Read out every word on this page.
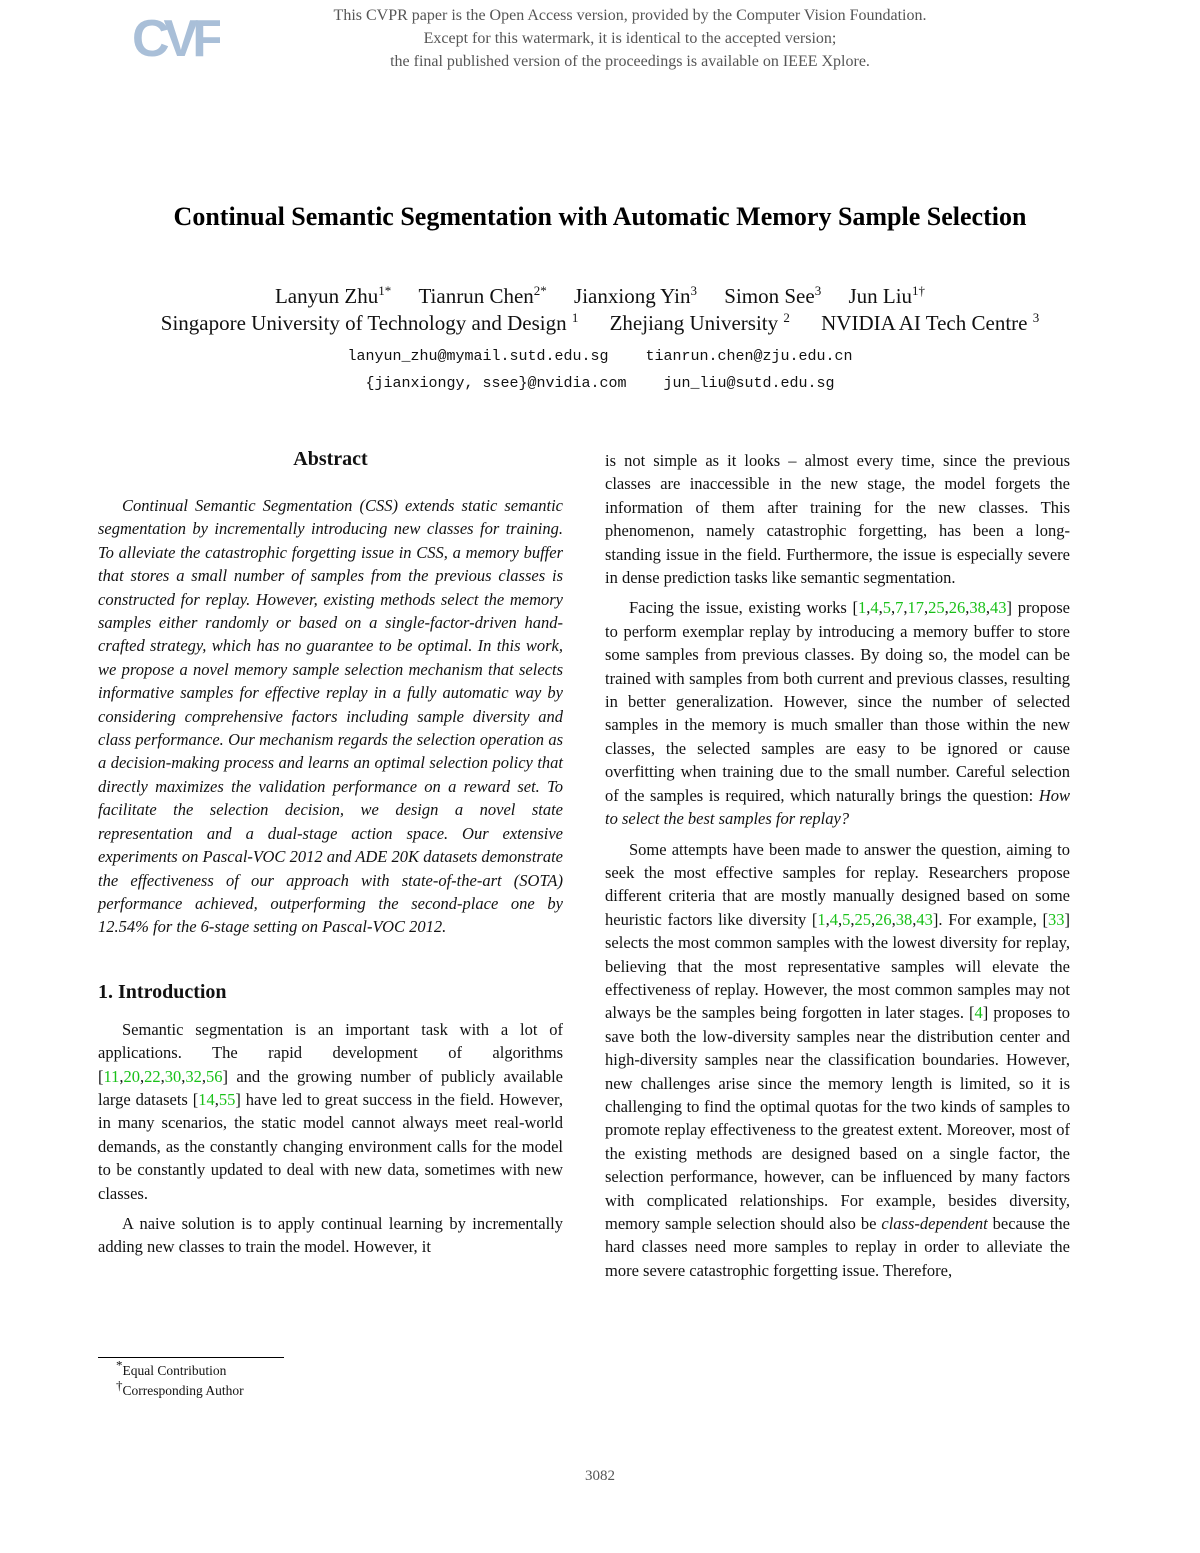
CVF	This CVPR paper is the Open Access version, provided by the Computer Vision Foundation.
Except for this watermark, it is identical to the accepted version;
the final published version of the proceedings is available on IEEE Xplore.
Continual Semantic Segmentation with Automatic Memory Sample Selection
Lanyun Zhu$^{1*}$ Tianrun Chen$^{2*}$ Jianxiong Yin$^3$ Simon See$^3$ Jun Liu$^{1\dagger}$
Singapore University of Technology and Design $^1$ Zhejiang University $^2$ NVIDIA AI Tech Centre $^3$
lanyun_zhu@mymail.sutd.edu.sg tianrun.chen@zju.edu.cn
{jianxiongy, ssee}@nvidia.com jun_liu@sutd.edu.sg
Abstract

Continual Semantic Segmentation (CSS) extends static semantic segmentation by incrementally introducing new classes for training. To alleviate the catastrophic forgetting issue in CSS, a memory buffer that stores a small number of samples from the previous classes is constructed for replay. However, existing methods select the memory samples either randomly or based on a single-factor-driven handcrafted strategy, which has no guarantee to be optimal. In this work, we propose a novel memory sample selection mechanism that selects informative samples for effective replay in a fully automatic way by considering comprehensive factors including sample diversity and class performance. Our mechanism regards the selection operation as a decision-making process and learns an optimal selection policy that directly maximizes the validation performance on a reward set. To facilitate the selection decision, we design a novel state representation and a dual-stage action space. Our extensive experiments on Pascal-VOC 2012 and ADE 20K datasets demonstrate the effectiveness of our approach with state-of-the-art (SOTA) performance achieved, outperforming the second-place one by 12.54% for the 6-stage setting on Pascal-VOC 2012.

1. Introduction

Semantic segmentation is an important task with a lot of applications. The rapid development of algorithms [11,20,22,30,32,56] and the growing number of publicly available large datasets [14,55] have led to great success in the field. However, in many scenarios, the static model cannot always meet real-world demands, as the constantly changing environment calls for the model to be constantly updated to deal with new data, sometimes with new classes.

A naive solution is to apply continual learning by incrementally adding new classes to train the model. However, it

*Equal Contribution
†Corresponding Author

is not simple as it looks – almost every time, since the previous classes are inaccessible in the new stage, the model forgets the information of them after training for the new classes. This phenomenon, namely catastrophic forgetting, has been a long-standing issue in the field. Furthermore, the issue is especially severe in dense prediction tasks like semantic segmentation.

Facing the issue, existing works [1,4,5,7,17,25,26,38,43] propose to perform exemplar replay by introducing a memory buffer to store some samples from previous classes. By doing so, the model can be trained with samples from both current and previous classes, resulting in better generalization. However, since the number of selected samples in the memory is much smaller than those within the new classes, the selected samples are easy to be ignored or cause overfitting when training due to the small number. Careful selection of the samples is required, which naturally brings the question: How to select the best samples for replay?

Some attempts have been made to answer the question, aiming to seek the most effective samples for replay. Researchers propose different criteria that are mostly manually designed based on some heuristic factors like diversity [1,4,5,25,26,38,43]. For example, [33] selects the most common samples with the lowest diversity for replay, believing that the most representative samples will elevate the effectiveness of replay. However, the most common samples may not always be the samples being forgotten in later stages. [4] proposes to save both the low-diversity samples near the distribution center and high-diversity samples near the classification boundaries. However, new challenges arise since the memory length is limited, so it is challenging to find the optimal quotas for the two kinds of samples to promote replay effectiveness to the greatest extent. Moreover, most of the existing methods are designed based on a single factor, the selection performance, however, can be influenced by many factors with complicated relationships. For example, besides diversity, memory sample selection should also be class-dependent because the hard classes need more samples to replay in order to alleviate the more severe catastrophic forgetting issue. Therefore,

3082
